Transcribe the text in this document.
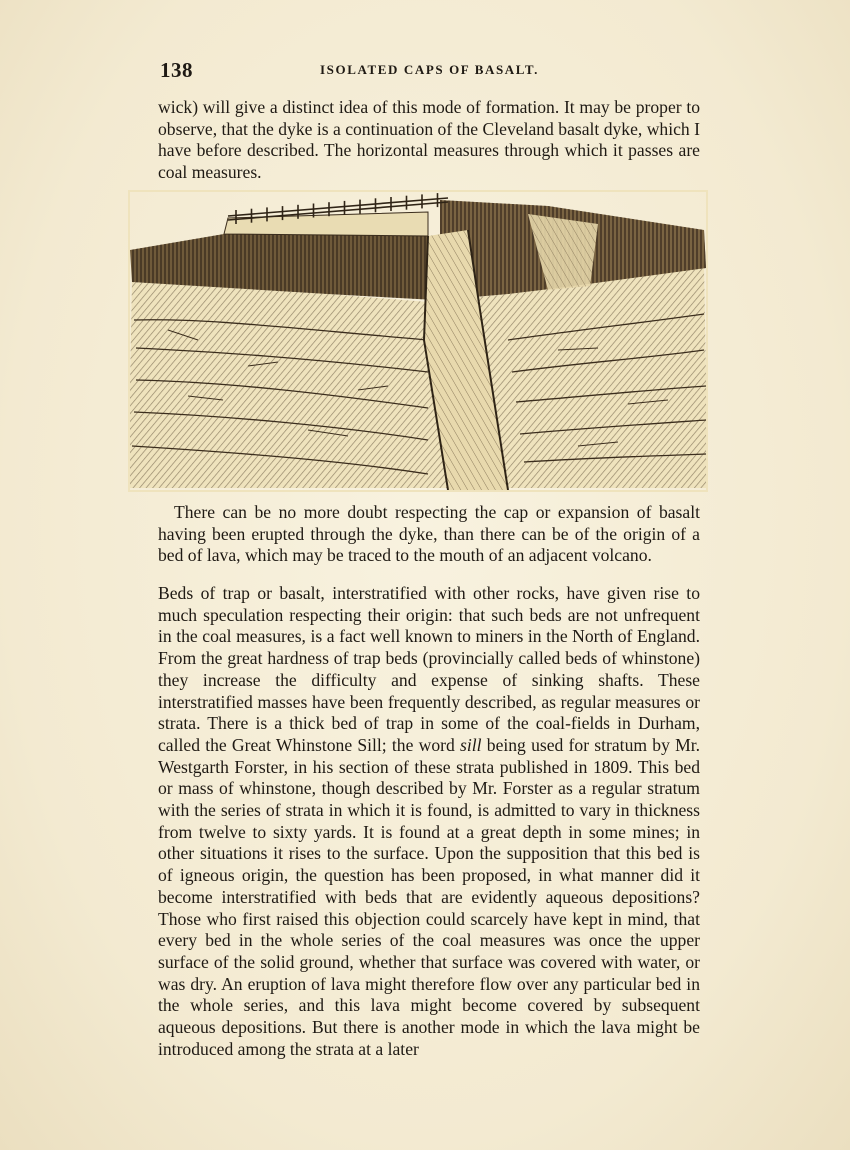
138	ISOLATED CAPS OF BASALT.

wick) will give a distinct idea of this mode of formation. It may be proper to observe, that the dyke is a continuation of the Cleveland basalt dyke, which I have before described. The horizontal measures through which it passes are coal measures.

There can be no more doubt respecting the cap or expansion of basalt having been erupted through the dyke, than there can be of the origin of a bed of lava, which may be traced to the mouth of an adjacent volcano.

Beds of trap or basalt, interstratified with other rocks, have given rise to much speculation respecting their origin: that such beds are not unfrequent in the coal measures, is a fact well known to miners in the North of England. From the great hardness of trap beds (provincially called beds of whinstone) they increase the difficulty and expense of sinking shafts. These interstratified masses have been frequently described, as regular measures or strata. There is a thick bed of trap in some of the coal-fields in Durham, called the Great Whinstone Sill; the word sill being used for stratum by Mr. Westgarth Forster, in his section of these strata published in 1809. This bed or mass of whinstone, though described by Mr. Forster as a regular stratum with the series of strata in which it is found, is admitted to vary in thickness from twelve to sixty yards. It is found at a great depth in some mines; in other situations it rises to the surface. Upon the supposition that this bed is of igneous origin, the question has been proposed, in what manner did it become interstratified with beds that are evidently aqueous depositions? Those who first raised this objection could scarcely have kept in mind, that every bed in the whole series of the coal measures was once the upper surface of the solid ground, whether that surface was covered with water, or was dry. An eruption of lava might therefore flow over any particular bed in the whole series, and this lava might become covered by subsequent aqueous depositions. But there is another mode in which the lava might be introduced among the strata at a later
